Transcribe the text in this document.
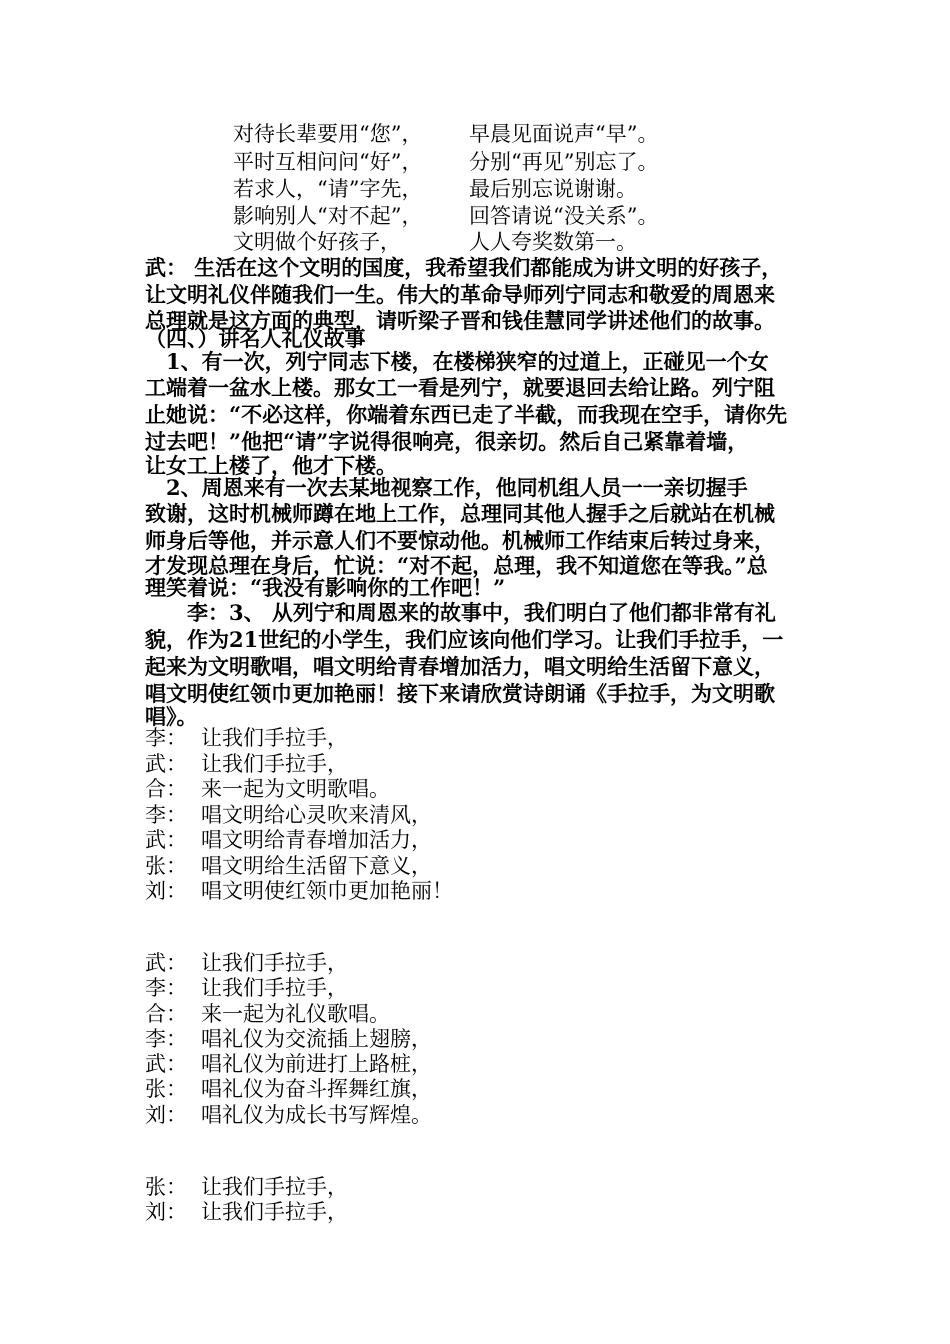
对待长辈要用“您”， 早晨见面说声“早”。
平时互相问问“好”， 分别“再见”别忘了。
若求人，“请”字先， 最后别忘说谢谢。
影响别人“对不起”， 回答请说“没关系”。
文明做个好孩子，	人人夸奖数第一。
武： 生活在这个文明的国度，我希望我们都能成为讲文明的好孩子，
让文明礼仪伴随我们一生。伟大的革命导师列宁同志和敬爱的周恩来
总理就是这方面的典型，请听梁子晋和钱佳慧同学讲述他们的故事。
（四、）讲名人礼仪故事
　1、有一次，列宁同志下楼，在楼梯狭窄的过道上，正碰见一个女
工端着一盆水上楼。那女工一看是列宁，就要退回去给让路。列宁阻
止她说：“不必这样，你端着东西已走了半截，而我现在空手，请你先
过去吧！”他把“请”字说得很响亮，很亲切。然后自己紧靠着墙，
让女工上楼了，他才下楼。
　2、周恩来有一次去某地视察工作，他同机组人员一一亲切握手
致谢，这时机械师蹲在地上工作，总理同其他人握手之后就站在机械
师身后等他，并示意人们不要惊动他。机械师工作结束后转过身来，
才发现总理在身后，忙说：“对不起，总理，我不知道您在等我。”总
理笑着说：“我没有影响你的工作吧！”
　　李：3、 从列宁和周恩来的故事中，我们明白了他们都非常有礼
貌，作为21世纪的小学生，我们应该向他们学习。让我们手拉手，一
起来为文明歌唱，唱文明给青春增加活力，唱文明给生活留下意义，
唱文明使红领巾更加艳丽！接下来请欣赏诗朗诵《手拉手，为文明歌
唱》。
李： 让我们手拉手，
武： 让我们手拉手，
合： 来一起为文明歌唱。
李： 唱文明给心灵吹来清风，
武： 唱文明给青春增加活力，
张： 唱文明给生活留下意义，
刘： 唱文明使红领巾更加艳丽！
武： 让我们手拉手，
李： 让我们手拉手，
合： 来一起为礼仪歌唱。
李： 唱礼仪为交流插上翅膀，
武： 唱礼仪为前进打上路桩，
张： 唱礼仪为奋斗挥舞红旗，
刘： 唱礼仪为成长书写辉煌。
张： 让我们手拉手，
刘： 让我们手拉手，
